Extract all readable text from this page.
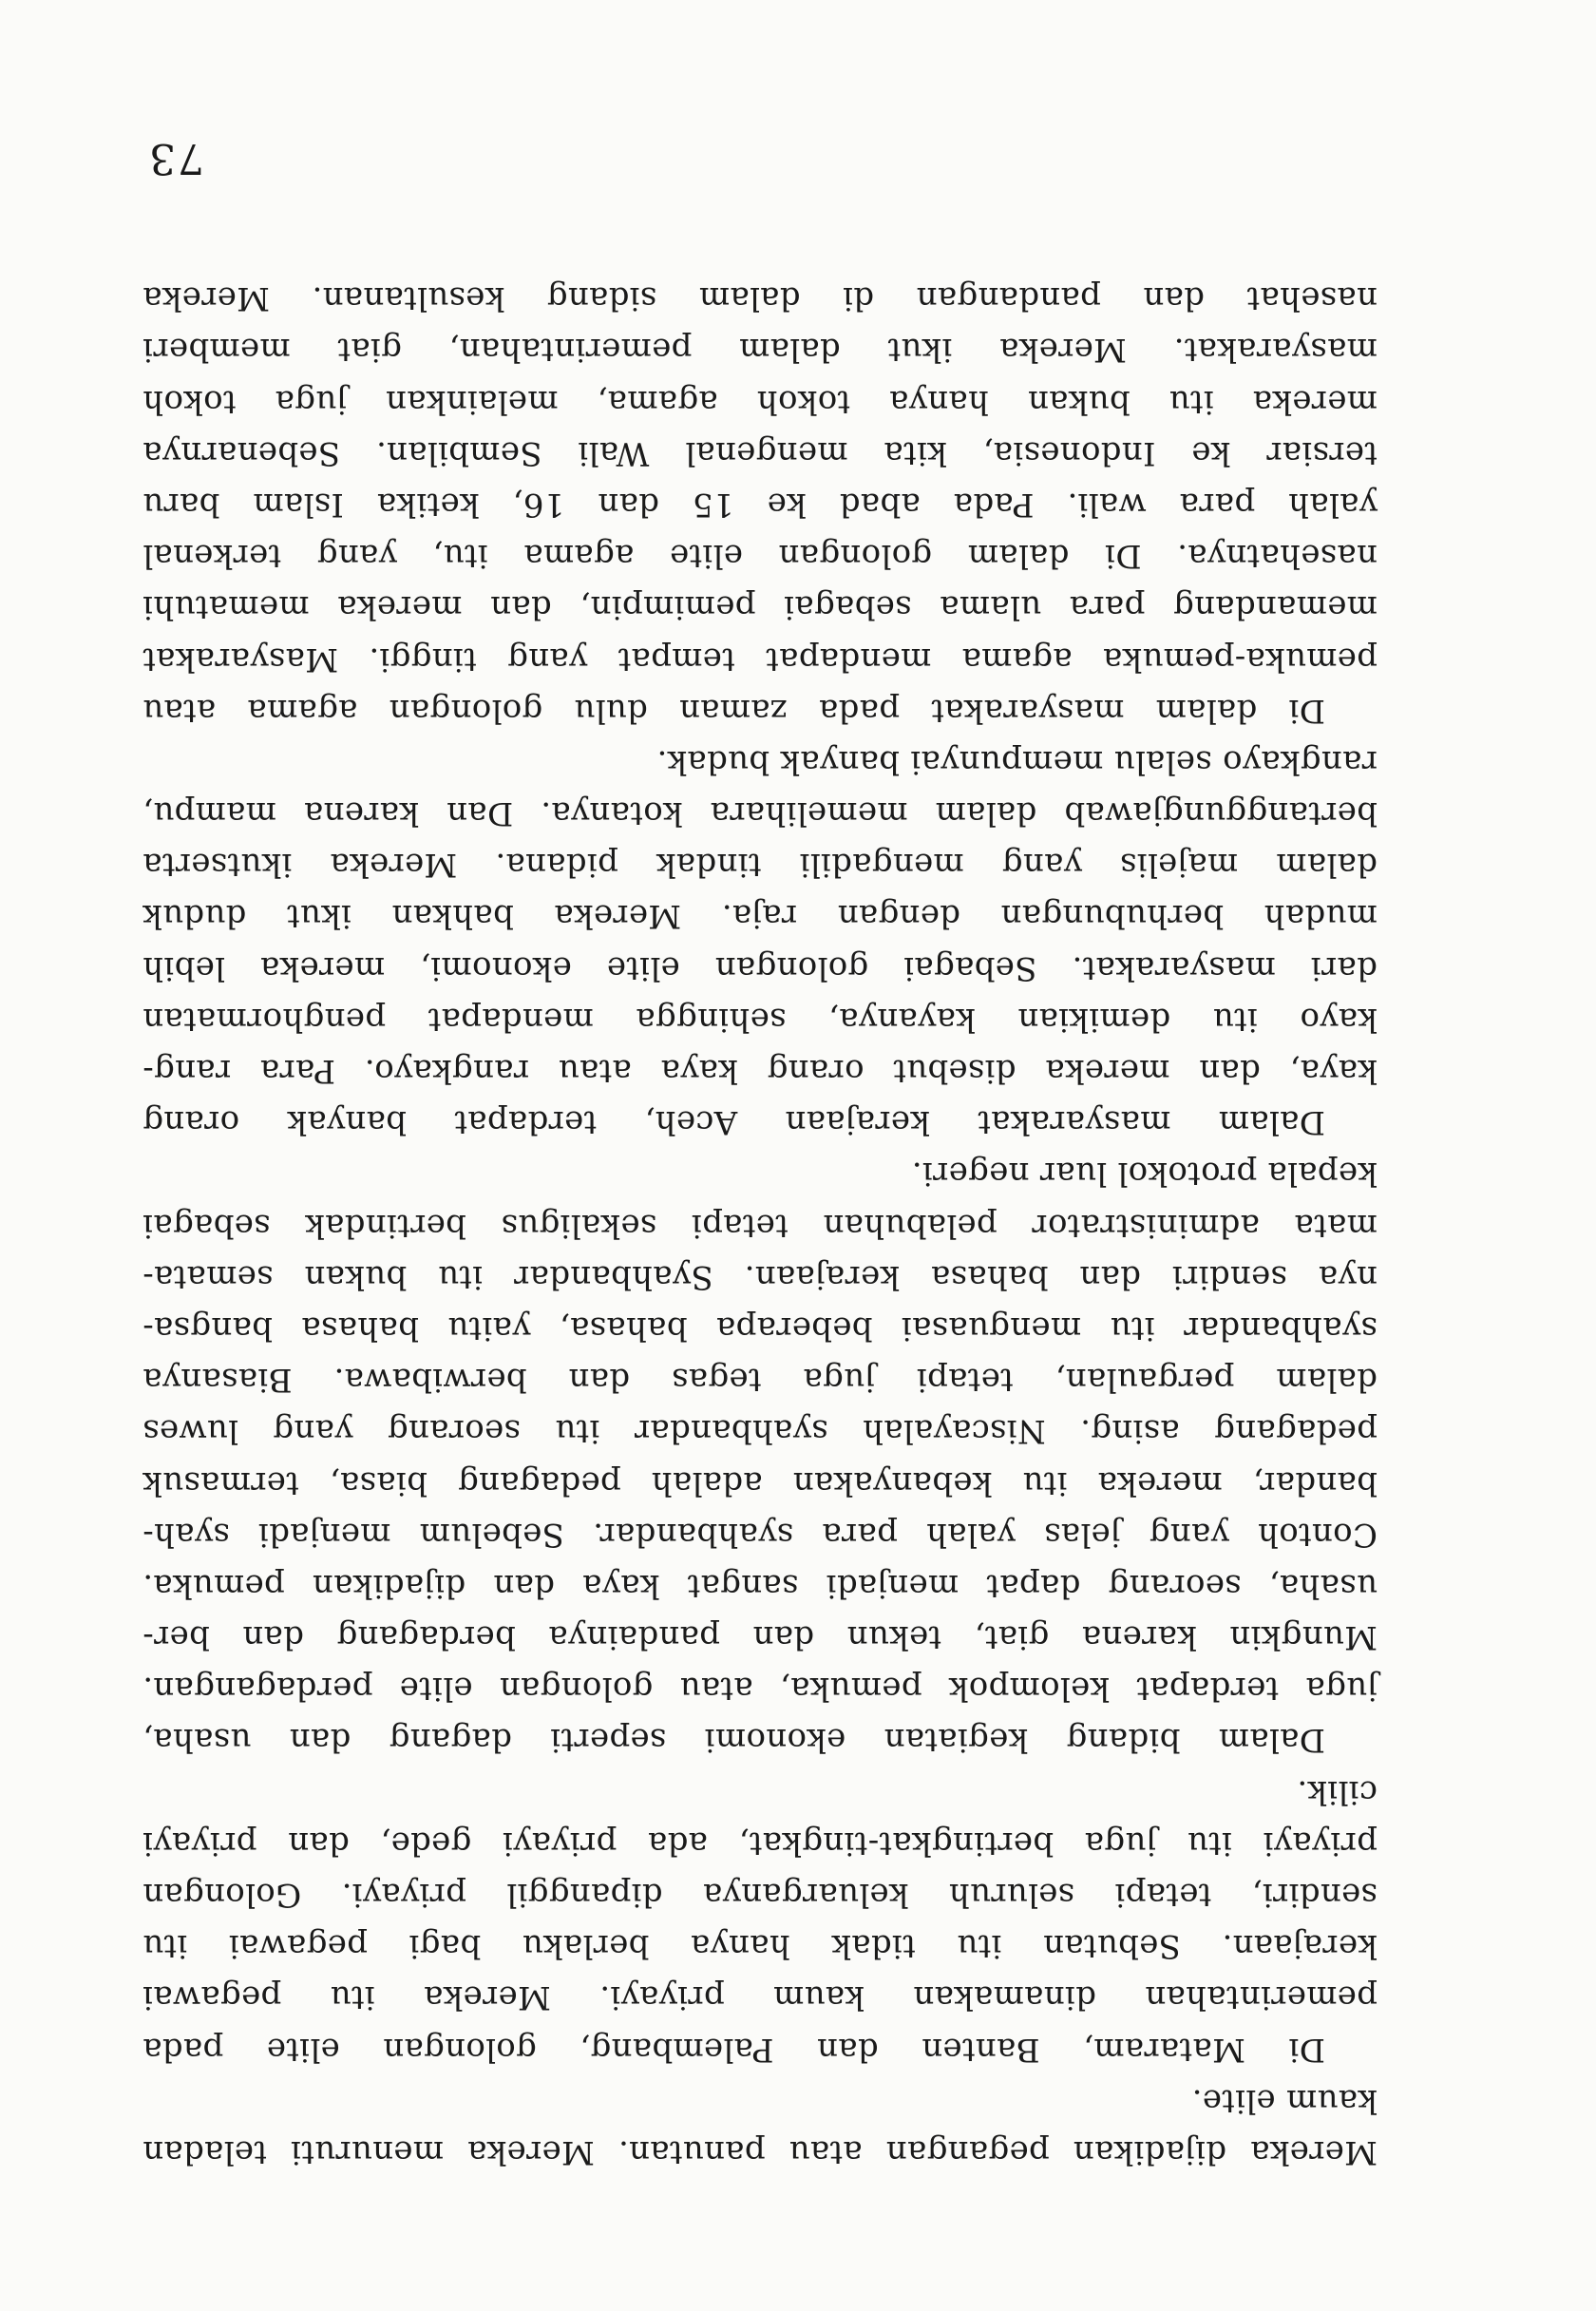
Mereka dijadikan pegangan atau panutan. Mereka menuruti teladan
kaum elite.
Di Mataram, Banten dan Palembang, golongan elite pada
pemerintahan dinamakan kaum priyayi. Mereka itu pegawai
kerajaan. Sebutan itu tidak hanya berlaku bagi pegawai itu
sendiri, tetapi seluruh keluarganya dipanggil priyayi. Golongan
priyayi itu juga bertingkat-tingkat, ada priyayi gede, dan priyayi
cilik.
Dalam bidang kegiatan ekonomi seperti dagang dan usaha,
juga terdapat kelompok pemuka, atau golongan elite perdagangan.
Mungkin karena giat, tekun dan pandainya berdagang dan ber-
usaha, seorang dapat menjadi sangat kaya dan dijadikan pemuka.
Contoh yang jelas yalah para syahbandar. Sebelum menjadi syah-
bandar, mereka itu kebanyakan adalah pedagang biasa, termasuk
pedagang asing. Niscayalah syahbandar itu seorang yang luwes
dalam pergaulan, tetapi juga tegas dan berwibawa. Biasanya
syahbandar itu menguasai beberapa bahasa, yaitu bahasa bangsa-
nya sendiri dan bahasa kerajaan. Syahbandar itu bukan semata-
mata administrator pelabuhan tetapi sekaligus bertindak sebagai
kepala protokol luar negeri.
Dalam masyarakat kerajaan Aceh, terdapat banyak orang
kaya, dan mereka disebut orang kaya atau rangkayo. Para rang-
kayo itu demikian kayanya, sehingga mendapat penghormatan
dari masyarakat. Sebagai golongan elite ekonomi, mereka lebih
mudah berhubungan dengan raja. Mereka bahkan ikut duduk
dalam majelis yang mengadili tindak pidana. Mereka ikutserta
bertanggungjawab dalam memelihara kotanya. Dan karena mampu,
rangkayo selalu mempunyai banyak budak.
Di dalam masyarakat pada zaman dulu golongan agama atau
pemuka-pemuka agama mendapat tempat yang tinggi. Masyarakat
memandang para ulama sebagai pemimpin, dan mereka mematuhi
nasehatnya. Di dalam golongan elite agama itu, yang terkenal
yalah para wali. Pada abad ke 15 dan 16, ketika Islam baru
tersiar ke Indonesia, kita mengenal Wali Sembilan. Sebenarnya
mereka itu bukan hanya tokoh agama, melainkan juga tokoh
masyarakat. Mereka ikut dalam pemerintahan, giat memberi
nasehat dan pandangan di dalam sidang kesultanan. Mereka
73
